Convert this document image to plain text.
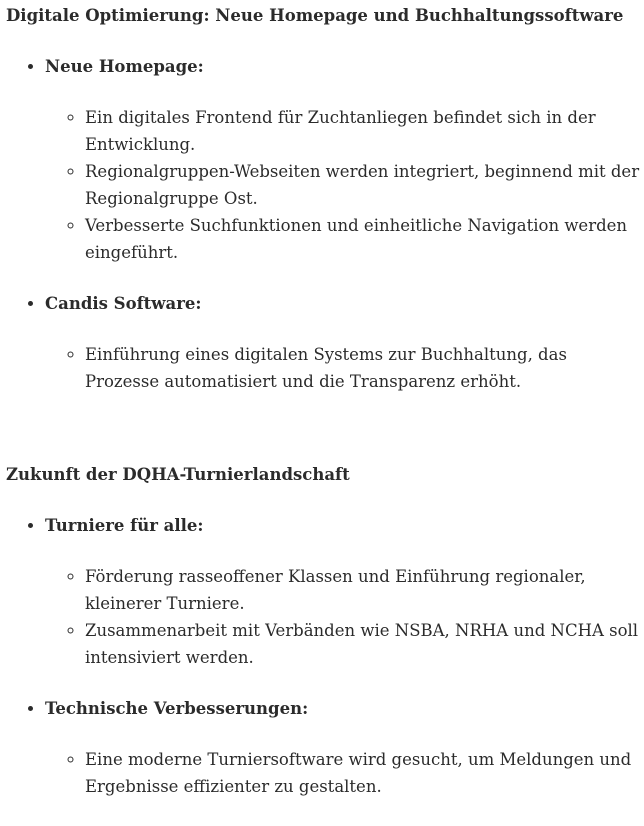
Digitale Optimierung: Neue Homepage und Buchhaltungssoftware
• Neue Homepage:
◦ Ein digitales Frontend für Zuchtanliegen befindet sich in der Entwicklung.
◦ Regionalgruppen-Webseiten werden integriert, beginnend mit der Regionalgruppe Ost.
◦ Verbesserte Suchfunktionen und einheitliche Navigation werden eingeführt.
• Candis Software:
◦ Einführung eines digitalen Systems zur Buchhaltung, das Prozesse automatisiert und die Transparenz erhöht.
Zukunft der DQHA-Turnierlandschaft
• Turniere für alle:
◦ Förderung rasseoffener Klassen und Einführung regionaler, kleinerer Turniere.
◦ Zusammenarbeit mit Verbänden wie NSBA, NRHA und NCHA soll intensiviert werden.
• Technische Verbesserungen:
◦ Eine moderne Turniersoftware wird gesucht, um Meldungen und Ergebnisse effizienter zu gestalten.
